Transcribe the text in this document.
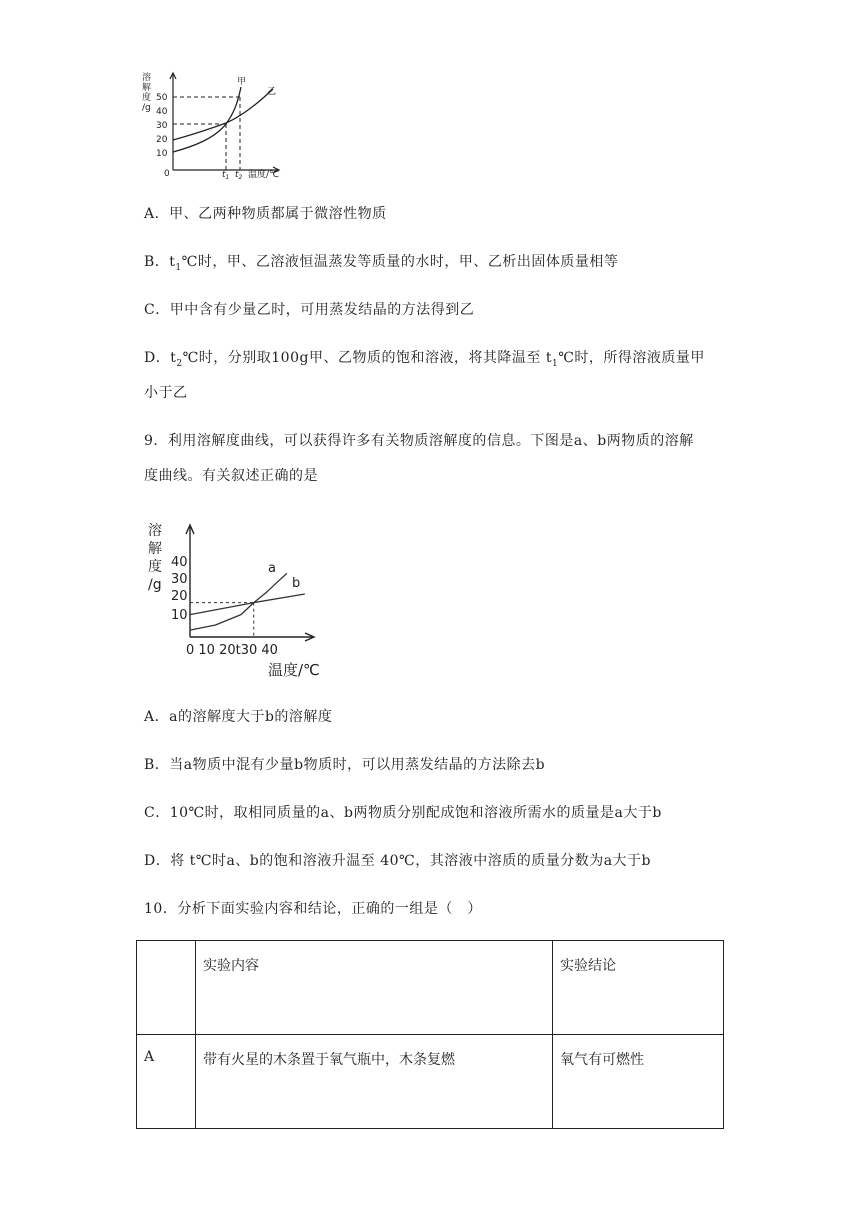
溶
解
度
/g
50
40
30
20
10
0	$t_1$ $t_2$ 温度/℃
甲
乙
A．甲、乙两种物质都属于微溶性物质
B．$t_1℃$时，甲、乙溶液恒温蒸发等质量的水时，甲、乙析出固体质量相等
C．甲中含有少量乙时，可用蒸发结晶的方法得到乙
D．$t_2℃$时，分别取100g甲、乙物质的饱和溶液，将其降温至 $t_1℃$时，所得溶液质量甲
小于乙
9．利用溶解度曲线，可以获得许多有关物质溶解度的信息。下图是a、b两物质的溶解
度曲线。有关叙述正确的是
溶
解
度
/g
40
30
20
10
0 10 20t30 40
温度/℃
a
b
A．a的溶解度大于b的溶解度
B．当a物质中混有少量b物质时，可以用蒸发结晶的方法除去b
C．10℃时，取相同质量的a、b两物质分别配成饱和溶液所需水的质量是a大于b
D．将 t℃时a、b的饱和溶液升温至 40℃，其溶液中溶质的质量分数为a大于b
10．分析下面实验内容和结论，正确的一组是（　）
	实验内容	实验结论
A	带有火星的木条置于氧气瓶中，木条复燃	氧气有可燃性
